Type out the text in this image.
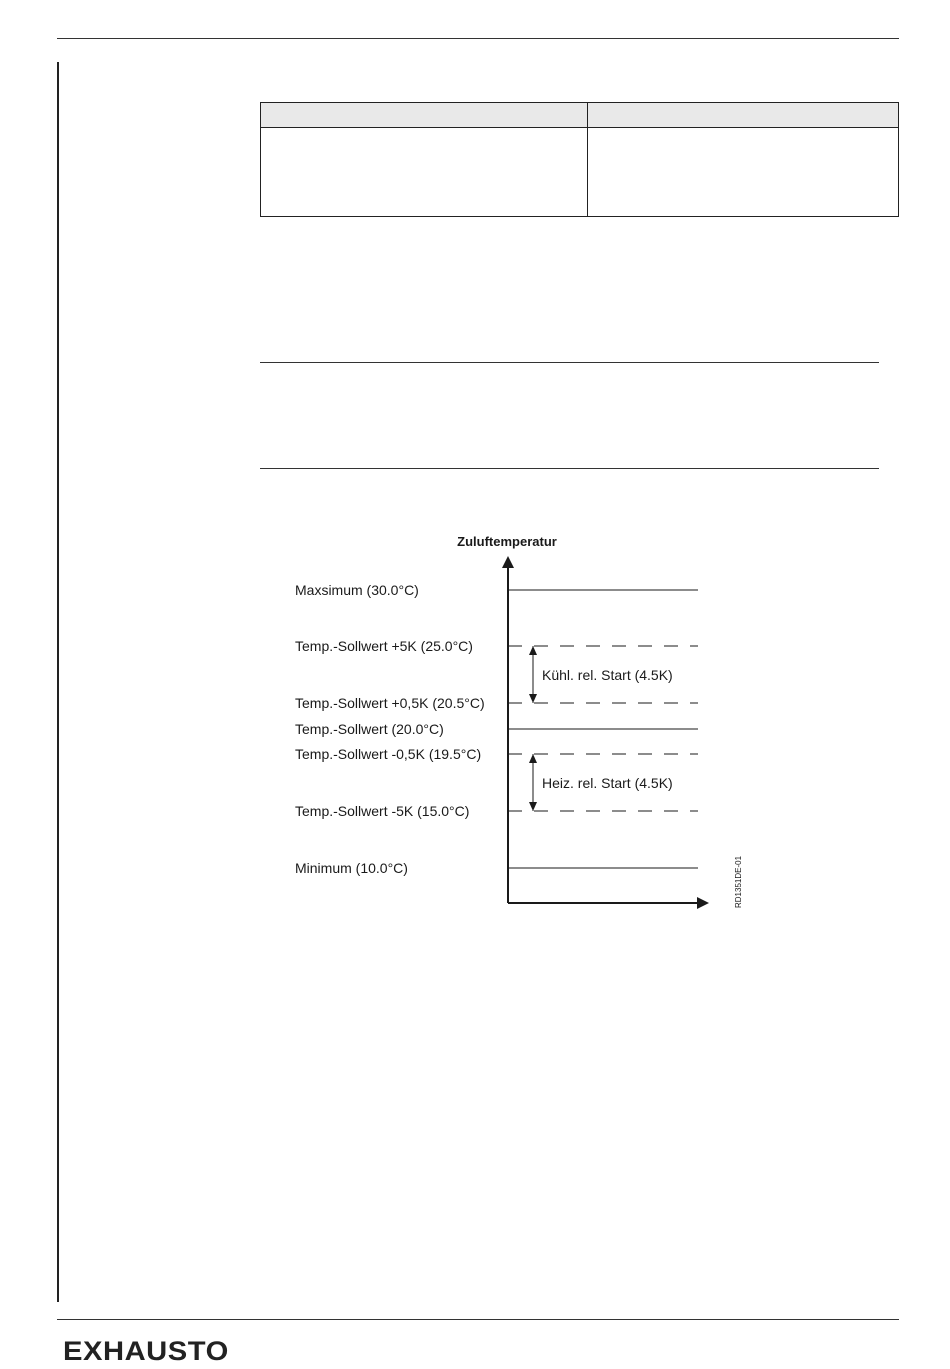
Zuluftemperatur
Maxsimum (30.0°C)
Temp.-Sollwert +5K (25.0°C)
Temp.-Sollwert +0,5K (20.5°C)
Temp.-Sollwert (20.0°C)
Temp.-Sollwert -0,5K (19.5°C)
Temp.-Sollwert -5K (15.0°C)
Minimum (10.0°C)
Kühl. rel. Start (4.5K)
Heiz. rel. Start (4.5K)
RD1351DE-01
EXHAUSTO
